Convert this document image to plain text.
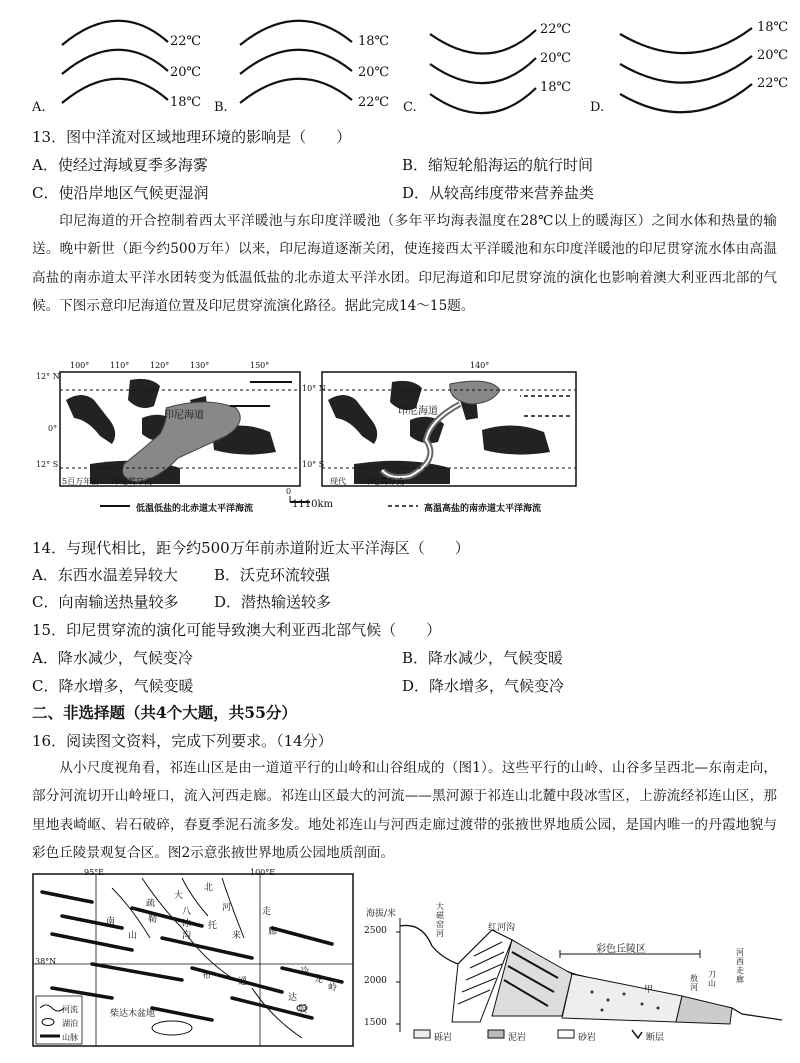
A.
22℃
20℃
18℃ B.
18℃
20℃
22℃ C.
22℃
20℃
18℃
D.
18℃
20℃
22℃
13．图中洋流对区域地理环境的影响是（　　）
A．使经过海域夏季多海雾	B．缩短轮船海运的航行时间
C．使沿岸地区气候更湿润	D．从较高纬度带来营养盐类
印尼海道的开合控制着西太平洋暖池与东印度洋暖池（多年平均海表温度在28℃以上的暖海区）之间水体和热量的输送。晚中新世（距今约500万年）以来，印尼海道逐渐关闭，使连接西太平洋暖池和东印度洋暖池的印尼贯穿流水体由高温高盐的南赤道太平洋水团转变为低温低盐的北赤道太平洋水团。印尼海道和印尼贯穿流的演化也影响着澳大利亚西北部的气候。下图示意印尼海道位置及印尼贯穿流演化路径。据此完成14～15题。
100°	110°	120°	130°	140°
150°
12° N
0°
12° S
10° N
10° S
印尼海道	印尼海道
5百万年前 印尼贯穿流	现代 印尼贯穿流
0
1110km
低温低盐的北赤道太平洋海流	高温高盐的南赤道太平洋海流
14．与现代相比，距今约500万年前赤道附近太平洋海区（　　）
A．东西水温差异较大 B．沃克环流较强
C．向南输送热量较多 D．潜热输送较多
15．印尼贯穿流的演化可能导致澳大利亚西北部气候（　　）
A．降水减少，气候变冷	B．降水减少，气候变暖
C．降水增多，气候变暖	D．降水增多，气候变冷
二、非选择题（共4个大题，共55分）
16．阅读图文资料，完成下列要求。（14分）
从小尺度视角看，祁连山区是由一道道平行的山岭和山谷组成的（图1）。这些平行的山岭、山谷多呈西北—东南走向，部分河流切开山岭垭口，流入河西走廊。祁连山区最大的河流——黑河源于祁连山北麓中段冰雪区，上游流经祁连山区，那里地表崎岖、岩石破碎，春夏季泥石流多发。地处祁连山与河西走廊过渡带的张掖世界地质公园，是国内唯一的丹霞地貌与彩色丘陵景观复合区。图2示意张掖世界地质公园地质剖面。
95°E	100°E
38°N
柴达木盆地
河流
湖泊
山脉
大
北
八
冰
沟
河	走
廊
南
山
疏
勒
托
来
布
通
达
坂
冷
龙
岭
海拔/米
2500
2000
1500
大磁窑河
红河沟
彩色丘陵区
甲
敖河
刀山
河西走廊
砾岩	泥岩	砂岩	断层
